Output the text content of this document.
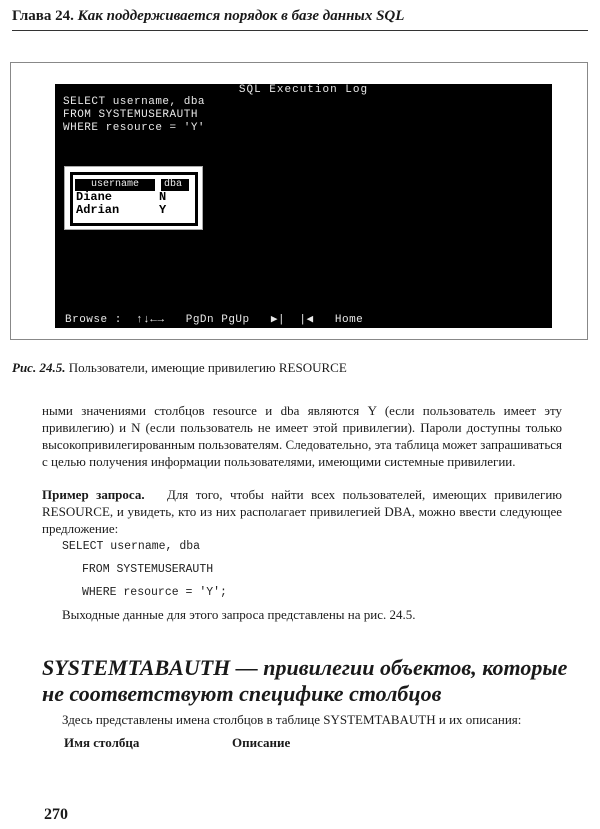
Глава 24. Как поддерживается порядок в базе данных SQL
SQL Execution Log
SELECT username, dba
FROM SYSTEMUSERAUTH
WHERE resource = 'Y'
username	dba
Diane	N
Adrian	Y
Browse :  ↑↓←→   PgDn PgUp   ▶|  |◀   Home
Рис. 24.5. Пользователи, имеющие привилегию RESOURCE
ными значениями столбцов resource и dba являются Y (если пользователь имеет эту привилегию) и N (если пользователь не имеет этой привилегии). Пароли доступны только высокопривилегированным пользователям. Следовательно, эта таблица может запрашиваться с целью получения информации пользователями, имеющими системные привилегии.
Пример запроса. Для того, чтобы найти всех пользователей, имеющих привилегию RESOURCE, и увидеть, кто из них располагает привилегией DBA, можно ввести следующее предложение:
SELECT username, dba
FROM SYSTEMUSERAUTH
WHERE resource = 'Y';
Выходные данные для этого запроса представлены на рис. 24.5.
SYSTEMTABAUTH — привилегии объектов, которые не соответствуют специфике столбцов
Здесь представлены имена столбцов в таблице SYSTEMTABAUTH и их описания:
Имя столбца	Описание
270
